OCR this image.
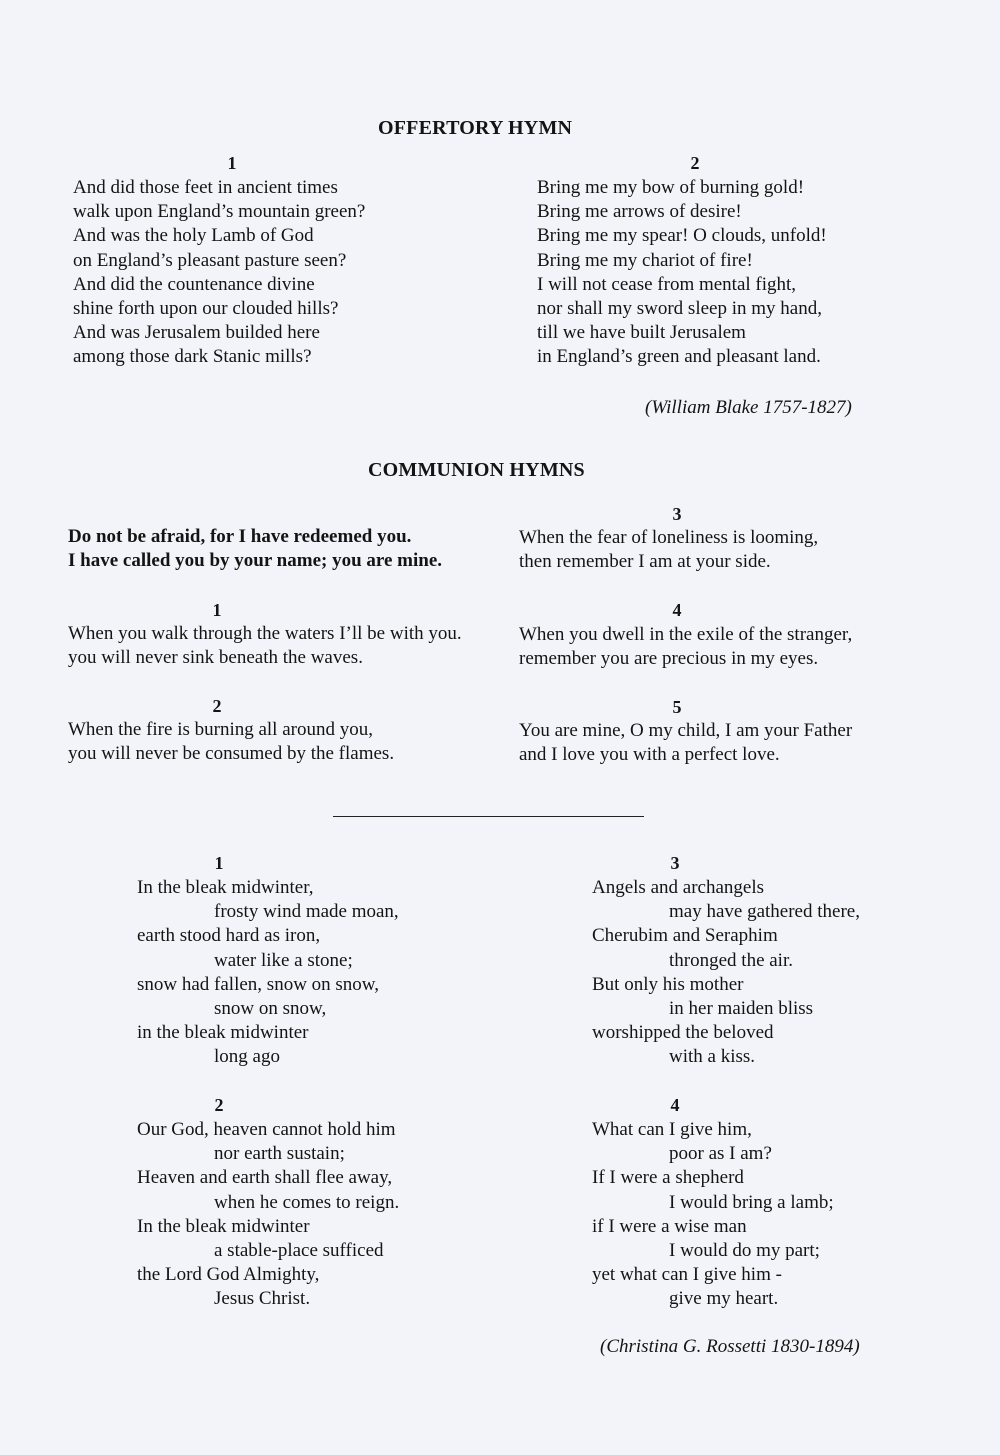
OFFERTORY HYMN
1
And did those feet in ancient times
walk upon England’s mountain green?
And was the holy Lamb of God
on England’s pleasant pasture seen?
And did the countenance divine
shine forth upon our clouded hills?
And was Jerusalem builded here
among those dark Stanic mills?
2
Bring me my bow of burning gold!
Bring me arrows of desire!
Bring me my spear! O clouds, unfold!
Bring me my chariot of fire!
I will not cease from mental fight,
nor shall my sword sleep in my hand,
till we have built Jerusalem
in England’s green and pleasant land.
(William Blake 1757-1827)
COMMUNION HYMNS
Do not be afraid, for I have redeemed you.
I have called you by your name; you are mine.
1
When you walk through the waters I’ll be with you.
you will never sink beneath the waves.
2
When the fire is burning all around you,
you will never be consumed by the flames.
3
When the fear of loneliness is looming,
then remember I am at your side.
4
When you dwell in the exile of the stranger,
remember you are precious in my eyes.
5
You are mine, O my child, I am your Father
and I love you with a perfect love.
1
In the bleak midwinter,
frosty wind made moan,
earth stood hard as iron,
water like a stone;
snow had fallen, snow on snow,
snow on snow,
in the bleak midwinter
long ago
2
Our God, heaven cannot hold him
nor earth sustain;
Heaven and earth shall flee away,
when he comes to reign.
In the bleak midwinter
a stable-place sufficed
the Lord God Almighty,
Jesus Christ.
3
Angels and archangels
may have gathered there,
Cherubim and Seraphim
thronged the air.
But only his mother
in her maiden bliss
worshipped the beloved
with a kiss.
4
What can I give him,
poor as I am?
If I were a shepherd
I would bring a lamb;
if I were a wise man
I would do my part;
yet what can I give him -
give my heart.
(Christina G. Rossetti 1830-1894)
